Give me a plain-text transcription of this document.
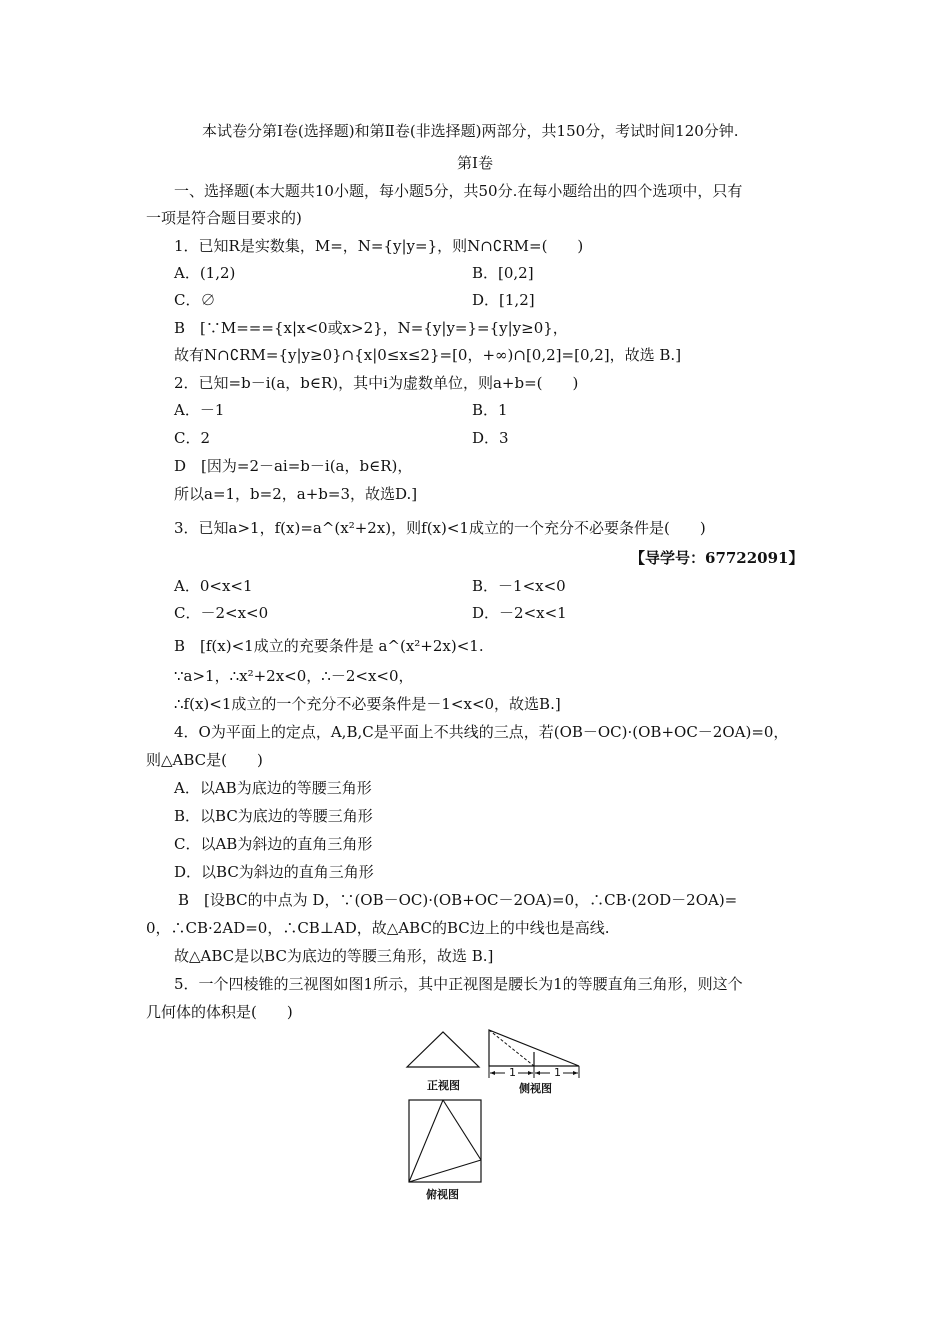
本试卷分第Ⅰ卷(选择题)和第Ⅱ卷(非选择题)两部分，共150分，考试时间120分钟.
第Ⅰ卷
一、选择题(本大题共10小题，每小题5分，共50分.在每小题给出的四个选项中，只有
一项是符合题目要求的)
1．已知R是实数集，M=，N={y|y=}，则N∩∁RM=(　　)
A．(1,2)	B．[0,2]
C．∅	D．[1,2]
B　[∵M==={x|x<0或x>2}，N={y|y=}={y|y≥0}，
故有N∩∁RM={y|y≥0}∩{x|0≤x≤2}=[0，+∞)∩[0,2]=[0,2]，故选 B.]
2．已知=b－i(a，b∈R)，其中i为虚数单位，则a+b=(　　)
A．－1	B．1
C．2	D．3
D　[因为=2－ai=b－i(a，b∈R)，
所以a=1，b=2，a+b=3，故选D.]
3．已知a>1，f(x)=a^(x²+2x)，则f(x)<1成立的一个充分不必要条件是(　　)
【导学号：67722091】
A．0<x<1	B．－1<x<0
C．－2<x<0	D．－2<x<1
B　[f(x)<1成立的充要条件是 a^(x²+2x)<1.
∵a>1，∴x²+2x<0，∴－2<x<0，
∴f(x)<1成立的一个充分不必要条件是－1<x<0，故选B.]
4．O为平面上的定点，A,B,C是平面上不共线的三点，若(OB－OC)·(OB+OC－2OA)=0，
则△ABC是(　　)
A．以AB为底边的等腰三角形
B．以BC为底边的等腰三角形
C．以AB为斜边的直角三角形
D．以BC为斜边的直角三角形
B　[设BC的中点为 D，∵(OB－OC)·(OB+OC－2OA)=0，∴CB·(2OD－2OA)=
0，∴CB·2AD=0，∴CB⊥AD，故△ABC的BC边上的中线也是高线.
故△ABC是以BC为底边的等腰三角形，故选 B.]
5．一个四棱锥的三视图如图1所示，其中正视图是腰长为1的等腰直角三角形，则这个
几何体的体积是(　　)
正视图
1	1
侧视图
俯视图
